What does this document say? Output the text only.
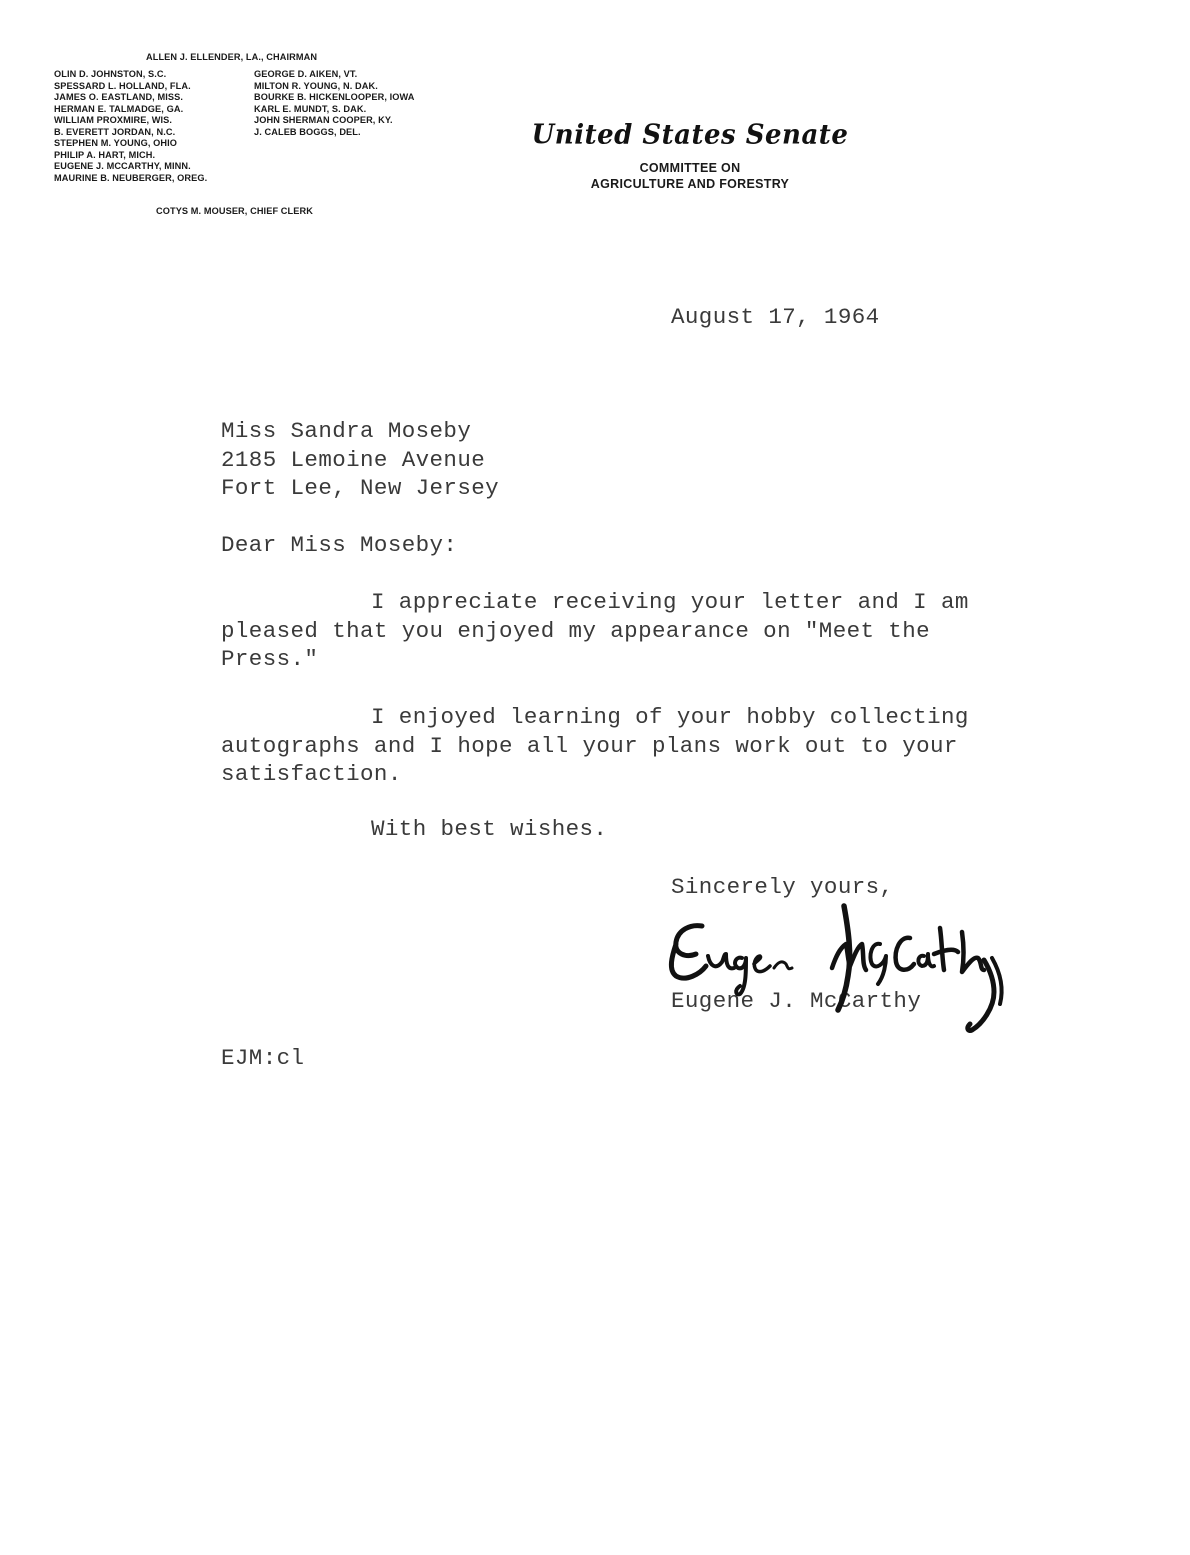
ALLEN J. ELLENDER, LA., CHAIRMAN
OLIN D. JOHNSTON, S.C.
SPESSARD L. HOLLAND, FLA.
JAMES O. EASTLAND, MISS.
HERMAN E. TALMADGE, GA.
WILLIAM PROXMIRE, WIS.
B. EVERETT JORDAN, N.C.
STEPHEN M. YOUNG, OHIO
PHILIP A. HART, MICH.
EUGENE J. MCCARTHY, MINN.
MAURINE B. NEUBERGER, OREG.
GEORGE D. AIKEN, VT.
MILTON R. YOUNG, N. DAK.
BOURKE B. HICKENLOOPER, IOWA
KARL E. MUNDT, S. DAK.
JOHN SHERMAN COOPER, KY.
J. CALEB BOGGS, DEL.
COTYS M. MOUSER, CHIEF CLERK
United States Senate
COMMITTEE ON
AGRICULTURE AND FORESTRY
August 17, 1964
Miss Sandra Moseby
2185 Lemoine Avenue
Fort Lee, New Jersey
Dear Miss Moseby:
I appreciate receiving your letter and I am
pleased that you enjoyed my appearance on "Meet the
Press."
I enjoyed learning of your hobby collecting
autographs and I hope all your plans work out to your
satisfaction.
With best wishes.
Sincerely yours,
Eugene J. McCarthy
EJM:cl
